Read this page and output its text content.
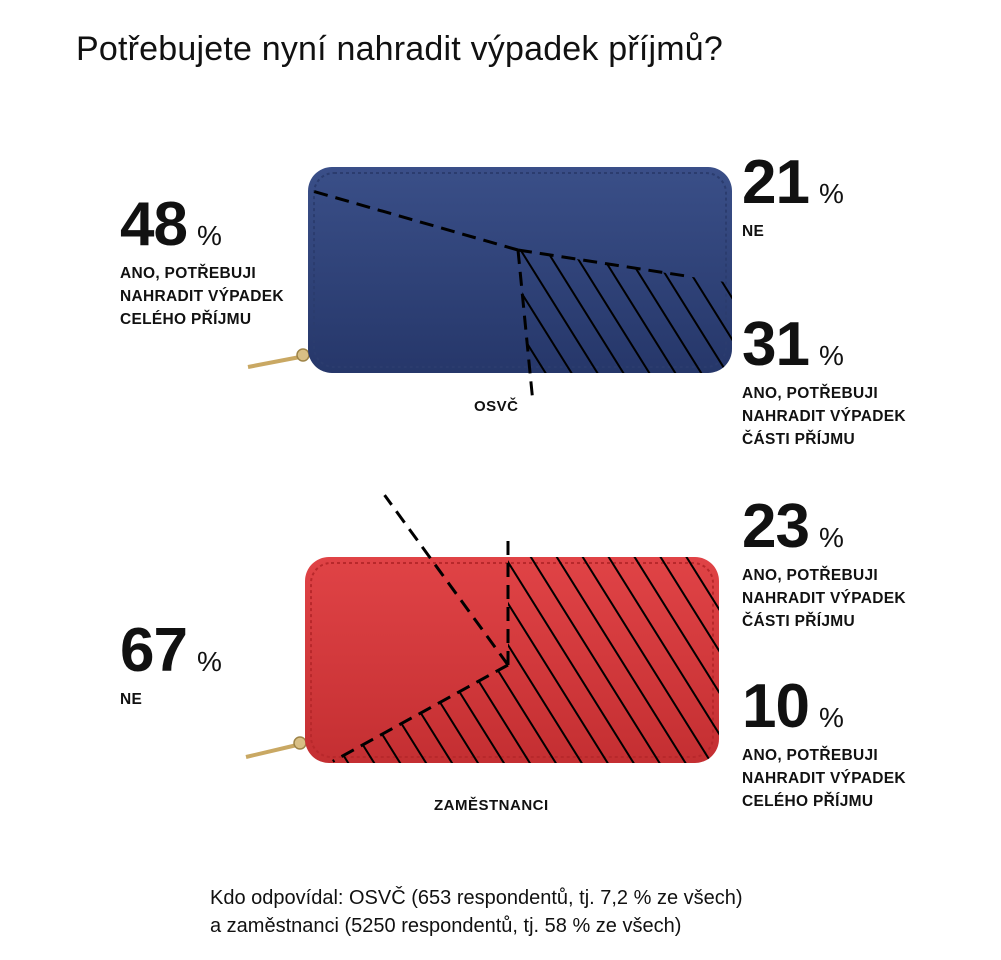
Potřebujete nyní nahradit výpadek příjmů?
48 %
ANO, POTŘEBUJI
NAHRADIT VÝPADEK
CELÉHO PŘÍJMU
21 %
NE
31 %
ANO, POTŘEBUJI
NAHRADIT VÝPADEK
ČÁSTI PŘÍJMU
OSVČ
23 %
ANO, POTŘEBUJI
NAHRADIT VÝPADEK
ČÁSTI PŘÍJMU
67 %
NE	10 %
ANO, POTŘEBUJI
NAHRADIT VÝPADEK
CELÉHO PŘÍJMU
ZAMĚSTNANCI
Kdo odpovídal: OSVČ (653 respondentů, tj. 7,2 % ze všech)
a zaměstnanci (5250 respondentů, tj. 58 % ze všech)
